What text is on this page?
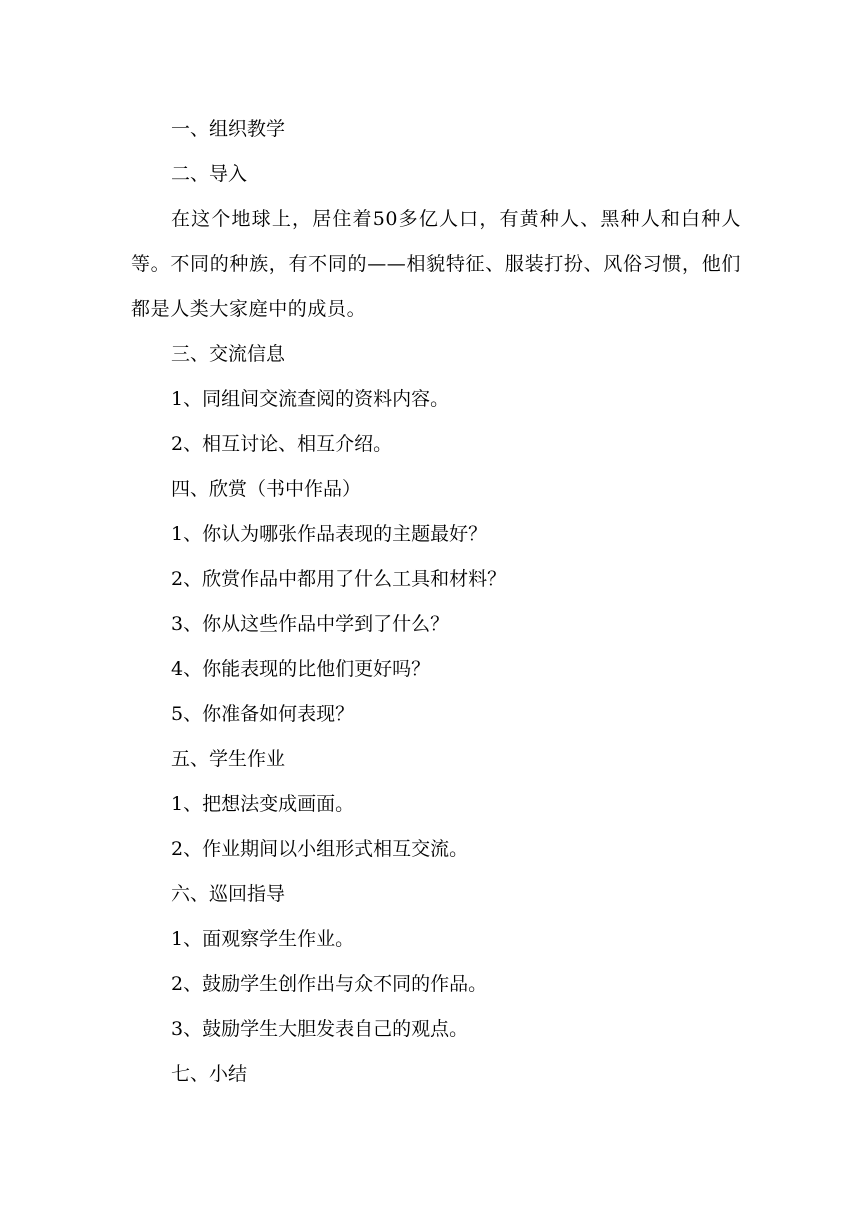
一、组织教学

二、导入

在这个地球上，居住着50多亿人口，有黄种人、黑种人和白种人等。不同的种族，有不同的——相貌特征、服装打扮、风俗习惯，他们都是人类大家庭中的成员。

三、交流信息

1、同组间交流查阅的资料内容。

2、相互讨论、相互介绍。

四、欣赏（书中作品）

1、你认为哪张作品表现的主题最好？

2、欣赏作品中都用了什么工具和材料？

3、你从这些作品中学到了什么？

4、你能表现的比他们更好吗？

5、你准备如何表现？

五、学生作业

1、把想法变成画面。

2、作业期间以小组形式相互交流。

六、巡回指导

1、面观察学生作业。

2、鼓励学生创作出与众不同的作品。

3、鼓励学生大胆发表自己的观点。

七、小结
